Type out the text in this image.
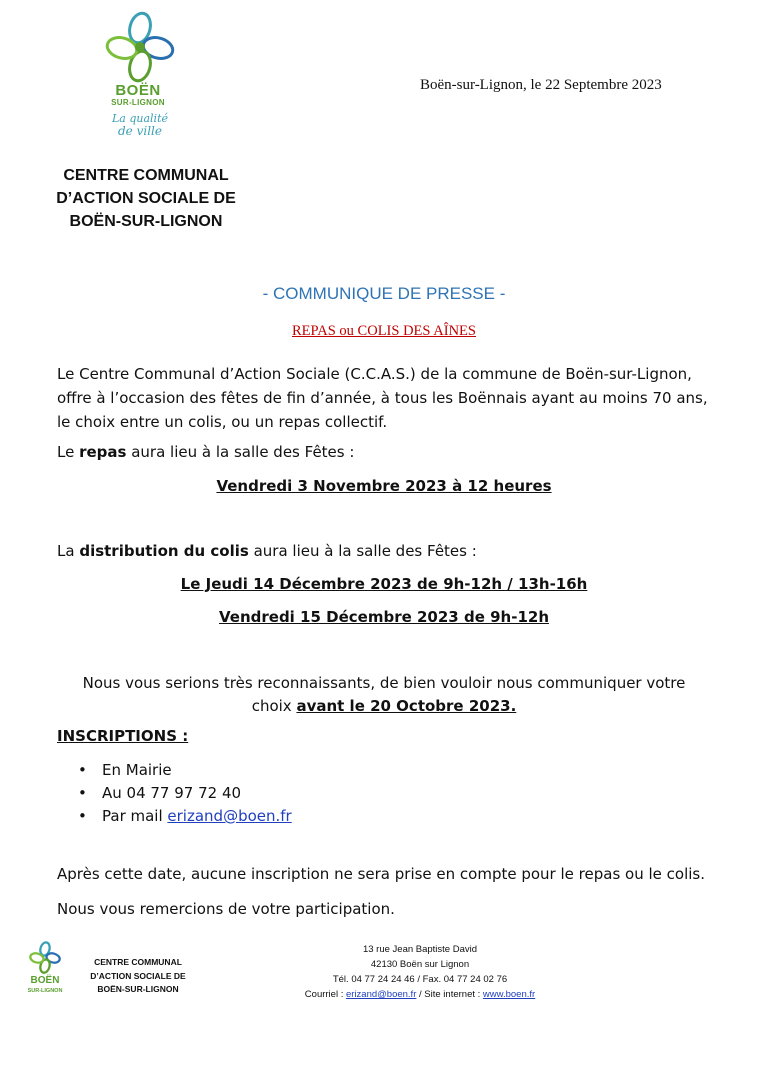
BOËN
SUR-LIGNON
La qualité
de ville
Boën-sur-Lignon, le 22 Septembre 2023
CENTRE COMMUNAL
D’ACTION SOCIALE DE
BOËN-SUR-LIGNON
- COMMUNIQUE DE PRESSE -
REPAS ou COLIS DES AÎNES
Le Centre Communal d’Action Sociale (C.C.A.S.) de la commune de Boën-sur-Lignon,
offre à l’occasion des fêtes de fin d’année, à tous les Boënnais ayant au moins 70 ans,
le choix entre un colis, ou un repas collectif.
Le repas aura lieu à la salle des Fêtes :
Vendredi 3 Novembre 2023 à 12 heures
La distribution du colis aura lieu à la salle des Fêtes :
Le Jeudi 14 Décembre 2023 de 9h-12h / 13h-16h
Vendredi 15 Décembre 2023 de 9h-12h
Nous vous serions très reconnaissants, de bien vouloir nous communiquer votre
choix avant le 20 Octobre 2023.
INSCRIPTIONS :
• En Mairie
• Au 04 77 97 72 40
• Par mail erizand@boen.fr
Après cette date, aucune inscription ne sera prise en compte pour le repas ou le colis.
Nous vous remercions de votre participation.
BOËN
SUR-LIGNON
CENTRE COMMUNAL
D’ACTION SOCIALE DE
BOËN-SUR-LIGNON
13 rue Jean Baptiste David
42130 Boën sur Lignon
Tél. 04 77 24 24 46 / Fax. 04 77 24 02 76
Courriel : erizand@boen.fr / Site internet : www.boen.fr
